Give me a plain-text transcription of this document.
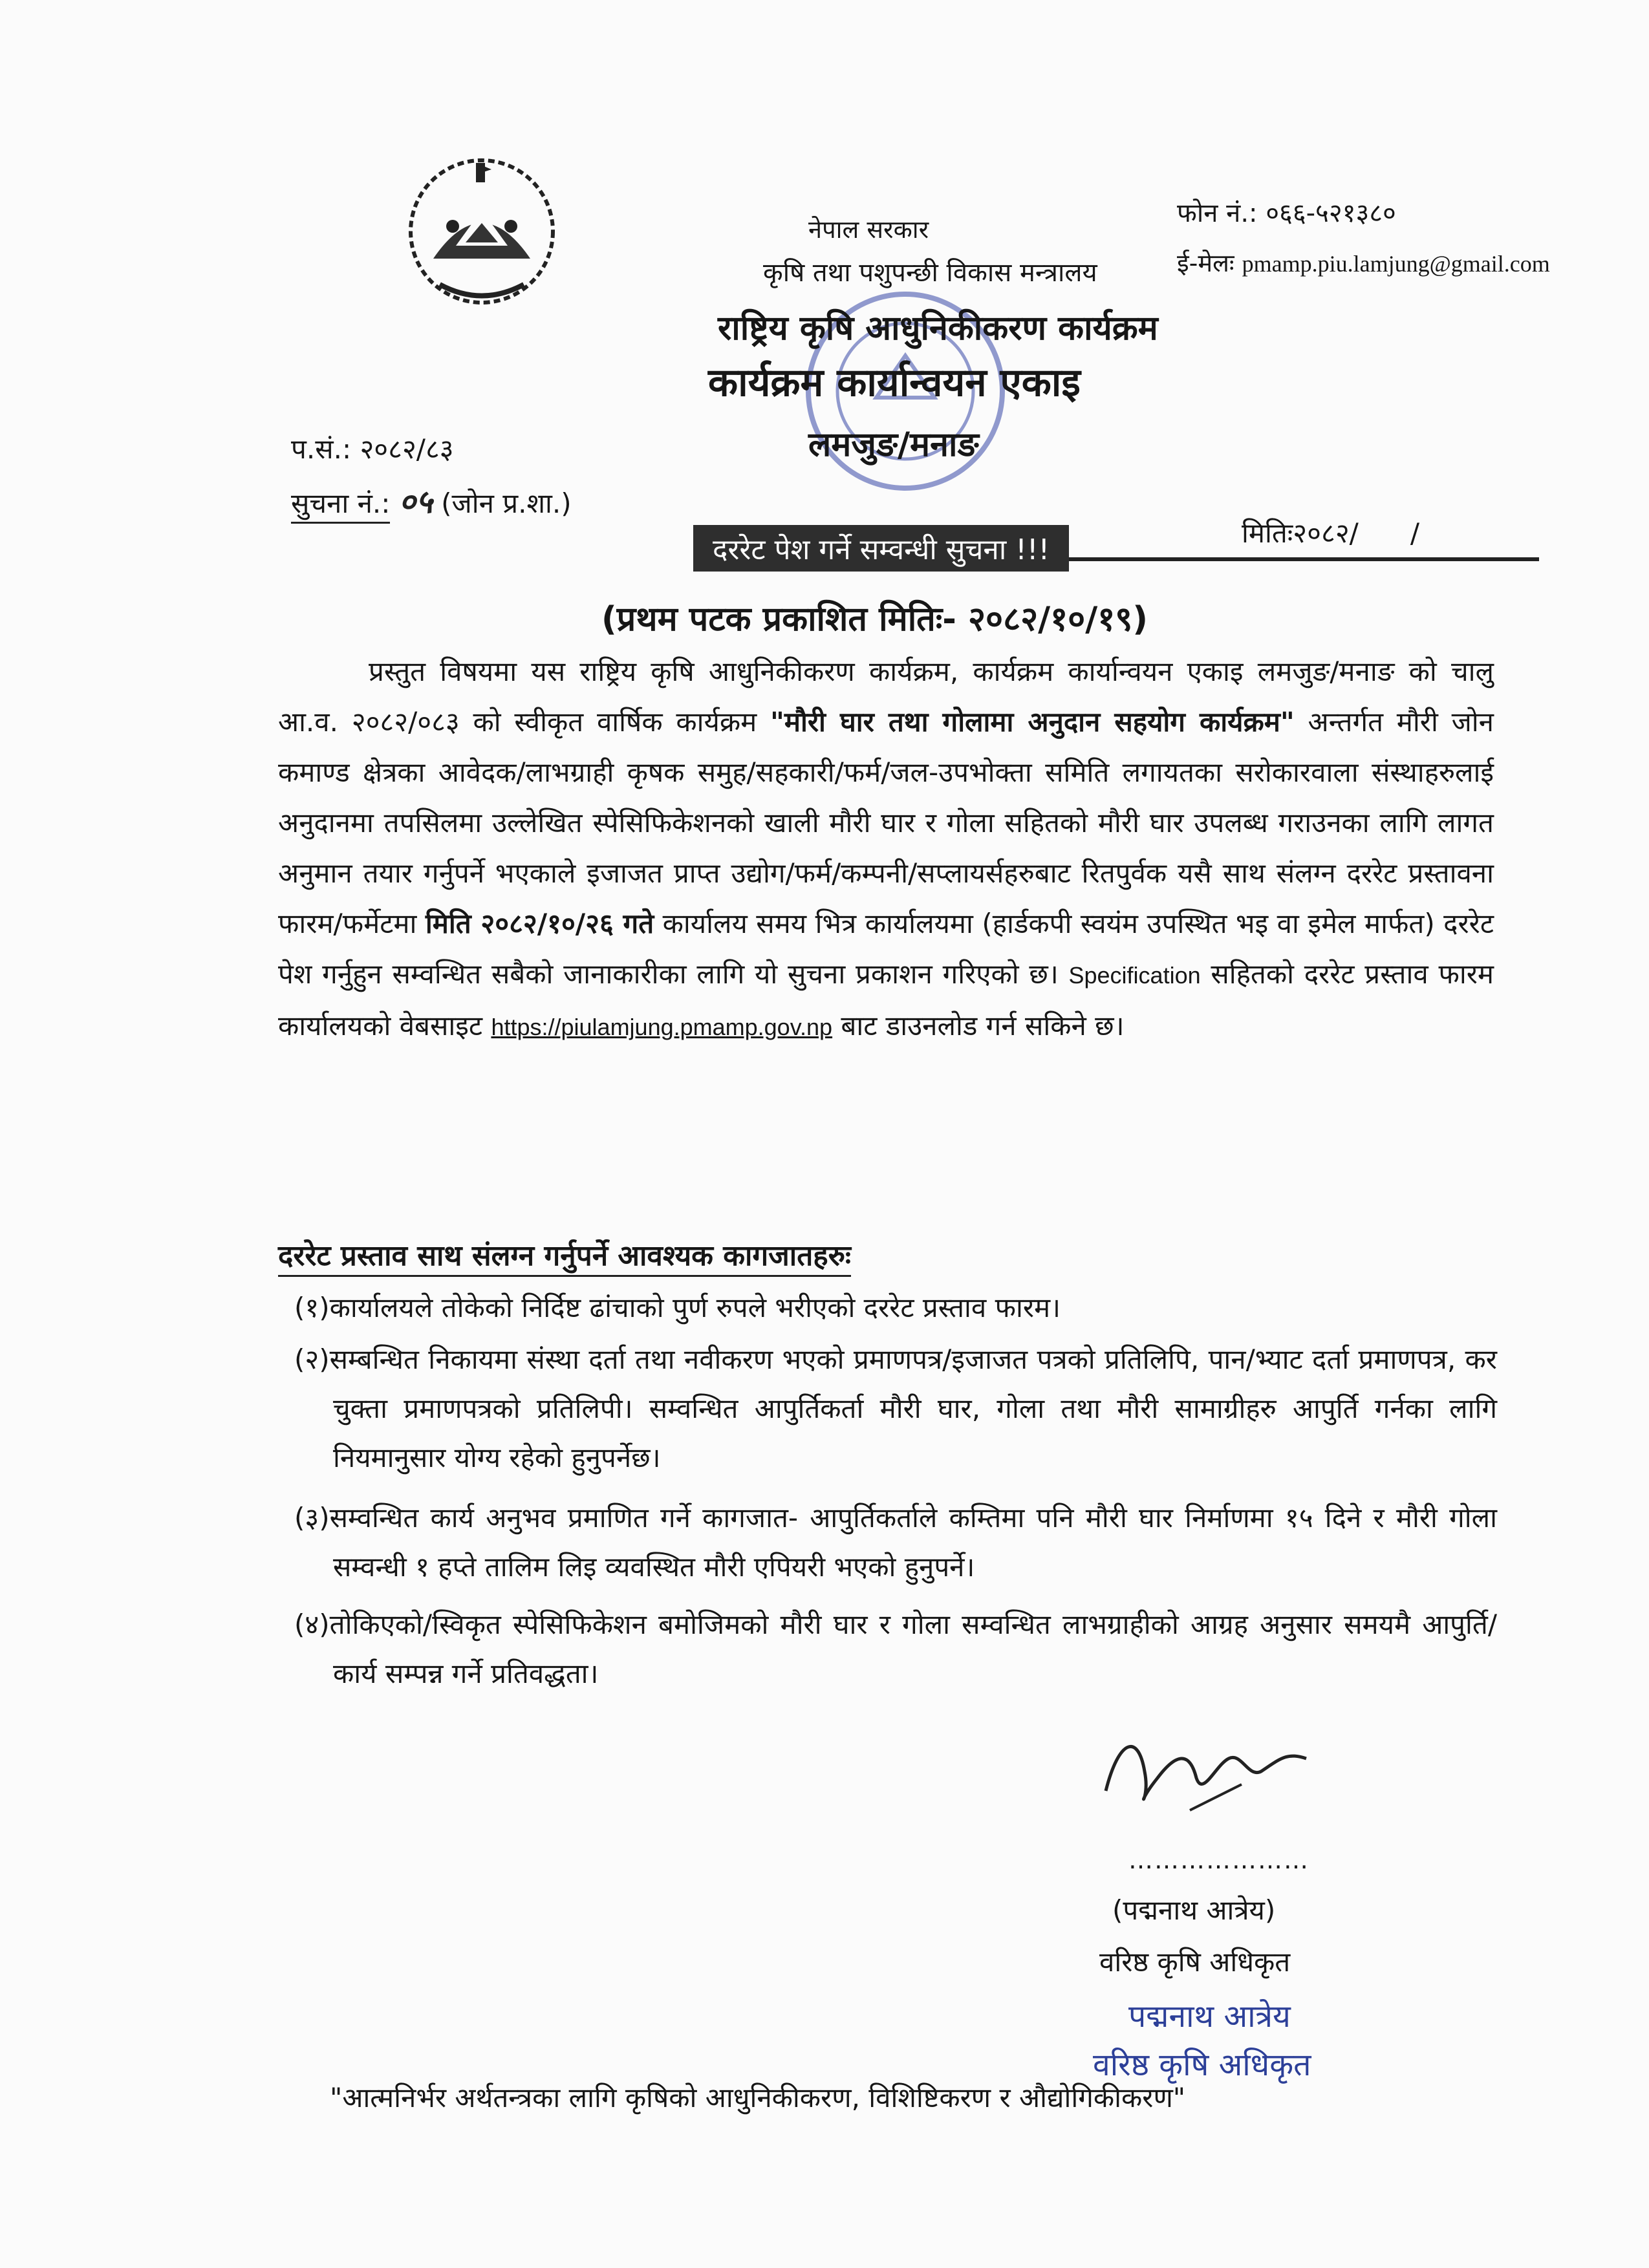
नेपाल सरकार
कृषि तथा पशुपन्छी विकास मन्त्रालय
राष्ट्रिय कृषि आधुनिकीकरण कार्यक्रम
कार्यक्रम कार्यान्वयन एकाइ
लमजुङ/मनाङ
फोन नं.: ०६६-५२१३८०
ई-मेलः pmamp.piu.lamjung@gmail.com
प.सं.: २०८२/८३
सुचना नं.: ०५ (जोन प्र.शा.)
मितिः२०८२/      /
दररेट पेश गर्ने सम्वन्धी सुचना !!!
(प्रथम पटक प्रकाशित मितिः- २०८२/१०/१९)
प्रस्तुत विषयमा यस राष्ट्रिय कृषि आधुनिकीकरण कार्यक्रम, कार्यक्रम कार्यान्वयन एकाइ लमजुङ/मनाङ को चालु आ.व. २०८२/०८३ को स्वीकृत वार्षिक कार्यक्रम "मौरी घार तथा गोलामा अनुदान सहयोग कार्यक्रम" अन्तर्गत मौरी जोन कमाण्ड क्षेत्रका आवेदक/लाभग्राही कृषक समुह/सहकारी/फर्म/जल-उपभोक्ता समिति लगायतका सरोकारवाला संस्थाहरुलाई अनुदानमा तपसिलमा उल्लेखित स्पेसिफिकेशनको खाली मौरी घार र गोला सहितको मौरी घार उपलब्ध गराउनका लागि लागत अनुमान तयार गर्नुपर्ने भएकाले इजाजत प्राप्त उद्योग/फर्म/कम्पनी/सप्लायर्सहरुबाट रितपुर्वक यसै साथ संलग्न दररेट प्रस्तावना फारम/फर्मेटमा मिति २०८२/१०/२६ गते कार्यालय समय भित्र कार्यालयमा (हार्डकपी स्वयंम उपस्थित भइ वा इमेल मार्फत) दररेट पेश गर्नुहुन सम्वन्धित सबैको जानाकारीका लागि यो सुचना प्रकाशन गरिएको छ। Specification सहितको दररेट प्रस्ताव फारम कार्यालयको वेबसाइट https://piulamjung.pmamp.gov.np बाट डाउनलोड गर्न सकिने छ।
दररेट प्रस्ताव साथ संलग्न गर्नुपर्ने आवश्यक कागजातहरुः
(१)कार्यालयले तोकेको निर्दिष्ट ढांचाको पुर्ण रुपले भरीएको दररेट प्रस्ताव फारम।
(२)सम्बन्धित निकायमा संस्था दर्ता तथा नवीकरण भएको प्रमाणपत्र/इजाजत पत्रको प्रतिलिपि, पान/भ्याट दर्ता प्रमाणपत्र, कर चुक्ता प्रमाणपत्रको प्रतिलिपी। सम्वन्धित आपुर्तिकर्ता मौरी घार, गोला तथा मौरी सामाग्रीहरु आपुर्ति गर्नका लागि नियमानुसार योग्य रहेको हुनुपर्नेछ।
(३)सम्वन्धित कार्य अनुभव प्रमाणित गर्ने कागजात- आपुर्तिकर्ताले कम्तिमा पनि मौरी घार निर्माणमा १५ दिने र मौरी गोला सम्वन्धी १ हप्ते तालिम लिइ व्यवस्थित मौरी एपियरी भएको हुनुपर्ने।
(४)तोकिएको/स्विकृत स्पेसिफिकेशन बमोजिमको मौरी घार र गोला सम्वन्धित लाभग्राहीको आग्रह अनुसार समयमै आपुर्ति/कार्य सम्पन्न गर्ने प्रतिवद्धता।
…………………
(पद्मनाथ आत्रेय)
वरिष्ठ कृषि अधिकृत
पद्मनाथ आत्रेय
वरिष्ठ कृषि अधिकृत
"आत्मनिर्भर अर्थतन्त्रका लागि कृषिको आधुनिकीकरण, विशिष्टिकरण र औद्योगिकीकरण"
